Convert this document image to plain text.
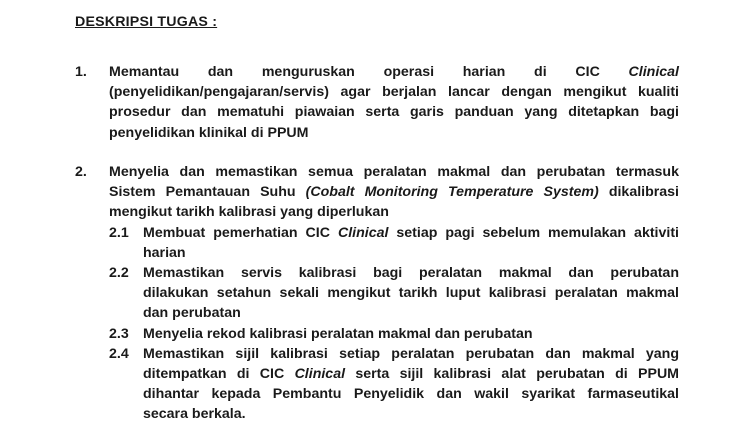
DESKRIPSI TUGAS :
1.	Memantau dan menguruskan operasi harian di CIC Clinical
(penyelidikan/pengajaran/servis) agar berjalan lancar dengan mengikut kualiti
prosedur dan mematuhi piawaian serta garis panduan yang ditetapkan bagi
penyelidikan klinikal di PPUM
2.	Menyelia dan memastikan semua peralatan makmal dan perubatan termasuk
Sistem Pemantauan Suhu (Cobalt Monitoring Temperature System) dikalibrasi
mengikut tarikh kalibrasi yang diperlukan
2.1 Membuat pemerhatian CIC Clinical setiap pagi sebelum memulakan aktiviti
harian
2.2 Memastikan servis kalibrasi bagi peralatan makmal dan perubatan
dilakukan setahun sekali mengikut tarikh luput kalibrasi peralatan makmal
dan perubatan
2.3 Menyelia rekod kalibrasi peralatan makmal dan perubatan
2.4 Memastikan sijil kalibrasi setiap peralatan perubatan dan makmal yang
ditempatkan di CIC Clinical serta sijil kalibrasi alat perubatan di PPUM
dihantar kepada Pembantu Penyelidik dan wakil syarikat farmaseutikal
secara berkala.
